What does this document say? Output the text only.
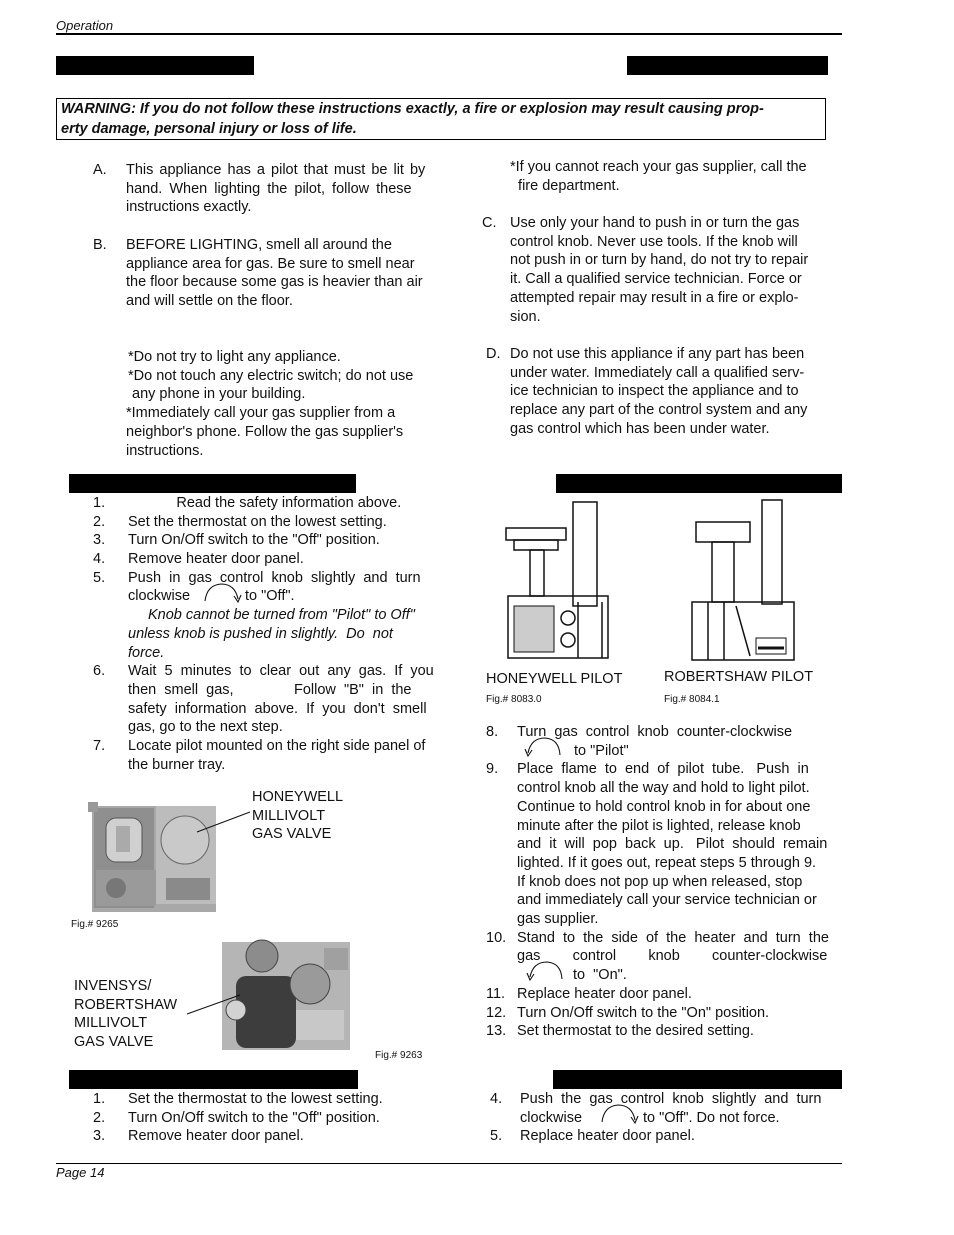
Operation
WARNING: If you do not follow these instructions exactly, a fire or explosion may result causing prop-
erty damage, personal injury or loss of life.
A. This appliance has a pilot that must be lit by
hand. When lighting the pilot, follow these
instructions exactly.
B. BEFORE LIGHTING, smell all around the
appliance area for gas. Be sure to smell near
the floor because some gas is heavier than air
and will settle on the floor.
*Do not try to light any appliance.
*Do not touch any electric switch; do not use
any phone in your building.
*Immediately call your gas supplier from a
neighbor's phone. Follow the gas supplier's
instructions.
*If you cannot reach your gas supplier, call the
fire department.
C. Use only your hand to push in or turn the gas
control knob. Never use tools. If the knob will
not push in or turn by hand, do not try to repair
it. Call a qualified service technician. Force or
attempted repair may result in a fire or explo-
sion.
D. Do not use this appliance if any part has been
under water. Immediately call a qualified serv-
ice technician to inspect the appliance and to
replace any part of the control system and any
gas control which has been under water.
1. Read the safety information above.
2. Set the thermostat on the lowest setting.
3. Turn On/Off switch to the "Off" position.
4. Remove heater door panel.
5. Push  in  gas  control  knob  slightly  and  turn
clockwise	to "Off".
Knob cannot be turned from "Pilot" to Off"
unless knob is pushed in slightly.  Do  not
force.
6. Wait  5  minutes  to  clear  out  any  gas.  If  you
then  smell  gas,               Follow  "B"  in  the
safety  information  above.  If  you  don't  smell
gas, go to the next step.
7. Locate pilot mounted on the right side panel of
the burner tray.
HONEYWELL
MILLIVOLT
GAS VALVE
Fig.# 9265
INVENSYS/
ROBERTSHAW
MILLIVOLT
GAS VALVE
Fig.# 9263
HONEYWELL PILOT
Fig.# 8083.0
ROBERTSHAW PILOT
Fig.# 8084.1
8. Turn  gas  control  knob  counter-clockwise
to "Pilot"
9. Place  flame  to  end  of  pilot  tube.   Push  in
control knob all the way and hold to light pilot.
Continue to hold control knob in for about one
minute after the pilot is lighted, release knob
and  it  will  pop  back  up.   Pilot  should  remain
lighted. If it goes out, repeat steps 5 through 9.
If knob does not pop up when released, stop
and immediately call your service technician or
gas supplier.
10. Stand  to  the  side  of  the  heater  and  turn  the
gas        control        knob        counter-clockwise
to  "On".
11. Replace heater door panel.
12. Turn On/Off switch to the "On" position.
13. Set thermostat to the desired setting.
1. Set the thermostat to the lowest setting.
2. Turn On/Off switch to the "Off" position.
3. Remove heater door panel.
4. Push  the  gas  control  knob  slightly  and  turn
clockwise	to "Off". Do not force.
5. Replace heater door panel.
Page 14
